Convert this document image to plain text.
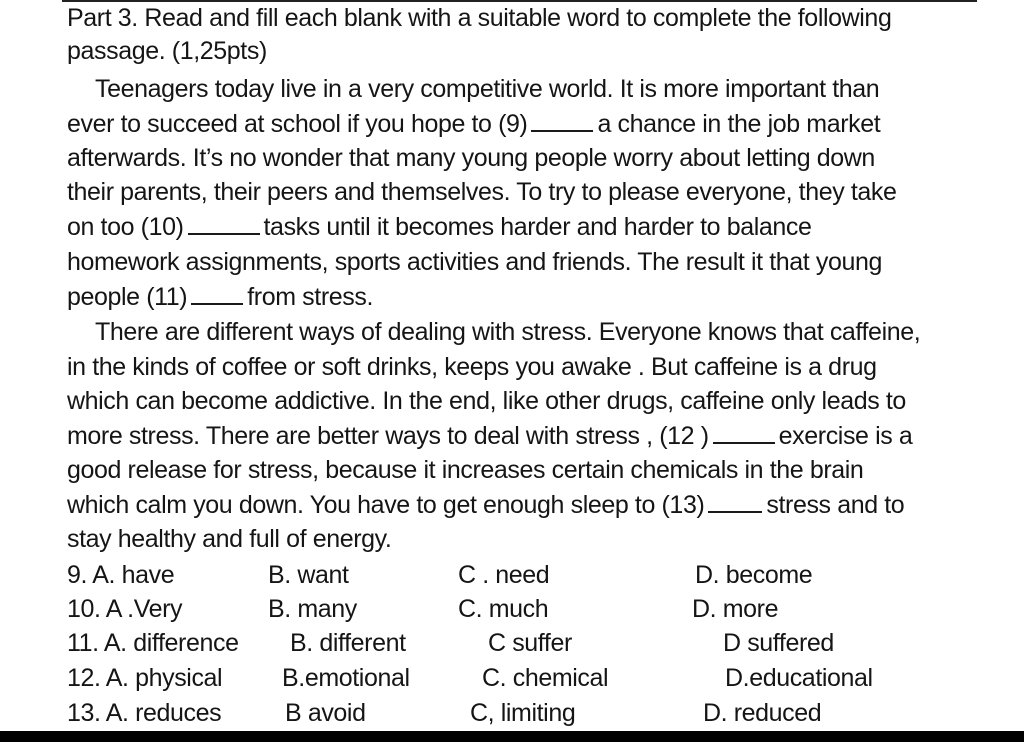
Part 3. Read and fill each blank with a suitable word to complete the following
passage. (1,25pts)
Teenagers today live in a very competitive world. It is more important than
ever to succeed at school if you hope to (9)	a chance in the job market
afterwards. It’s no wonder that many young people worry about letting down
their parents, their peers and themselves. To try to please everyone, they take
on too (10)	tasks until it becomes harder and harder to balance
homework assignments, sports activities and friends. The result it that young
people (11) from stress.
There are different ways of dealing with stress. Everyone knows that caffeine,
in the kinds of coffee or soft drinks, keeps you awake . But caffeine is a drug
which can become addictive. In the end, like other drugs, caffeine only leads to
more stress. There are better ways to deal with stress , (12 )	exercise is a
good release for stress, because it increases certain chemicals in the brain
which calm you down. You have to get enough sleep to (13) stress and to
stay healthy and full of energy.
9. A. have	B. want	C . need	D. become
10. A .Very	B. many	C. much	D. more
11. A. difference B. different	C suffer	D suffered
12. A. physical B.emotional	C. chemical	D.educational
13. A. reduces	B avoid	C, limiting	D. reduced
